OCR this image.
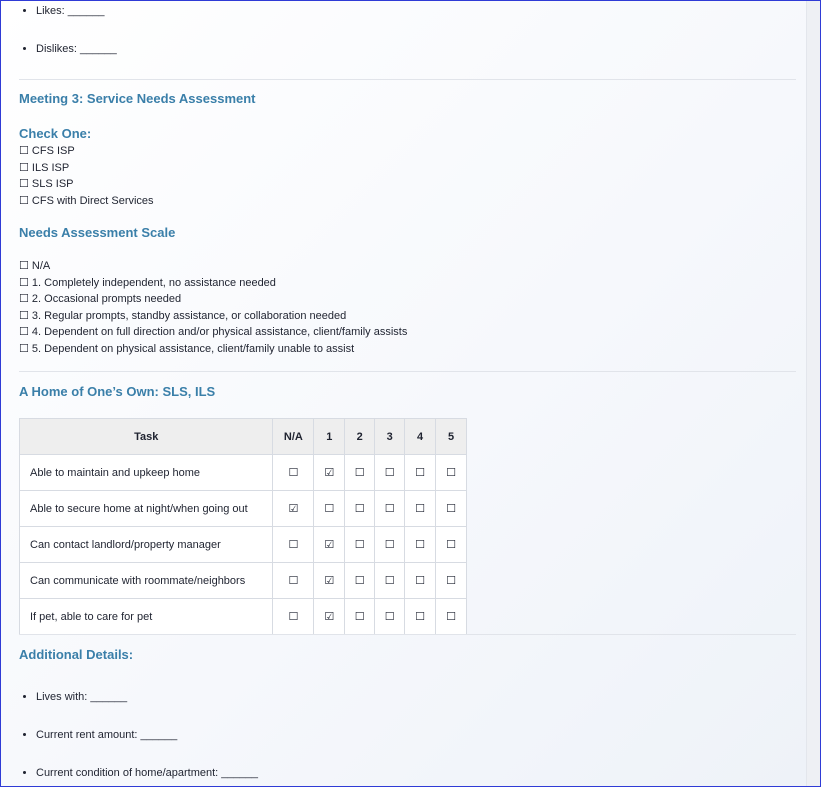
• Likes: ______
• Dislikes: ______
Meeting 3: Service Needs Assessment
Check One:
☐ CFS ISP
☐ ILS ISP
☐ SLS ISP
☐ CFS with Direct Services
Needs Assessment Scale
☐ N/A
☐ 1. Completely independent, no assistance needed
☐ 2. Occasional prompts needed
☐ 3. Regular prompts, standby assistance, or collaboration needed
☐ 4. Dependent on full direction and/or physical assistance, client/family assists
☐ 5. Dependent on physical assistance, client/family unable to assist
A Home of One’s Own: SLS, ILS
Task	N/A	1	2	3	4	5
Able to maintain and upkeep home	☐	☑	☐	☐	☐	☐
Able to secure home at night/when going out	☑	☐	☐	☐	☐	☐
Can contact landlord/property manager	☐	☑	☐	☐	☐	☐
Can communicate with roommate/neighbors	☐	☑	☐	☐	☐	☐
If pet, able to care for pet	☐	☑	☐	☐	☐	☐
Additional Details:
• Lives with: ______
• Current rent amount: ______
• Current condition of home/apartment: ______
